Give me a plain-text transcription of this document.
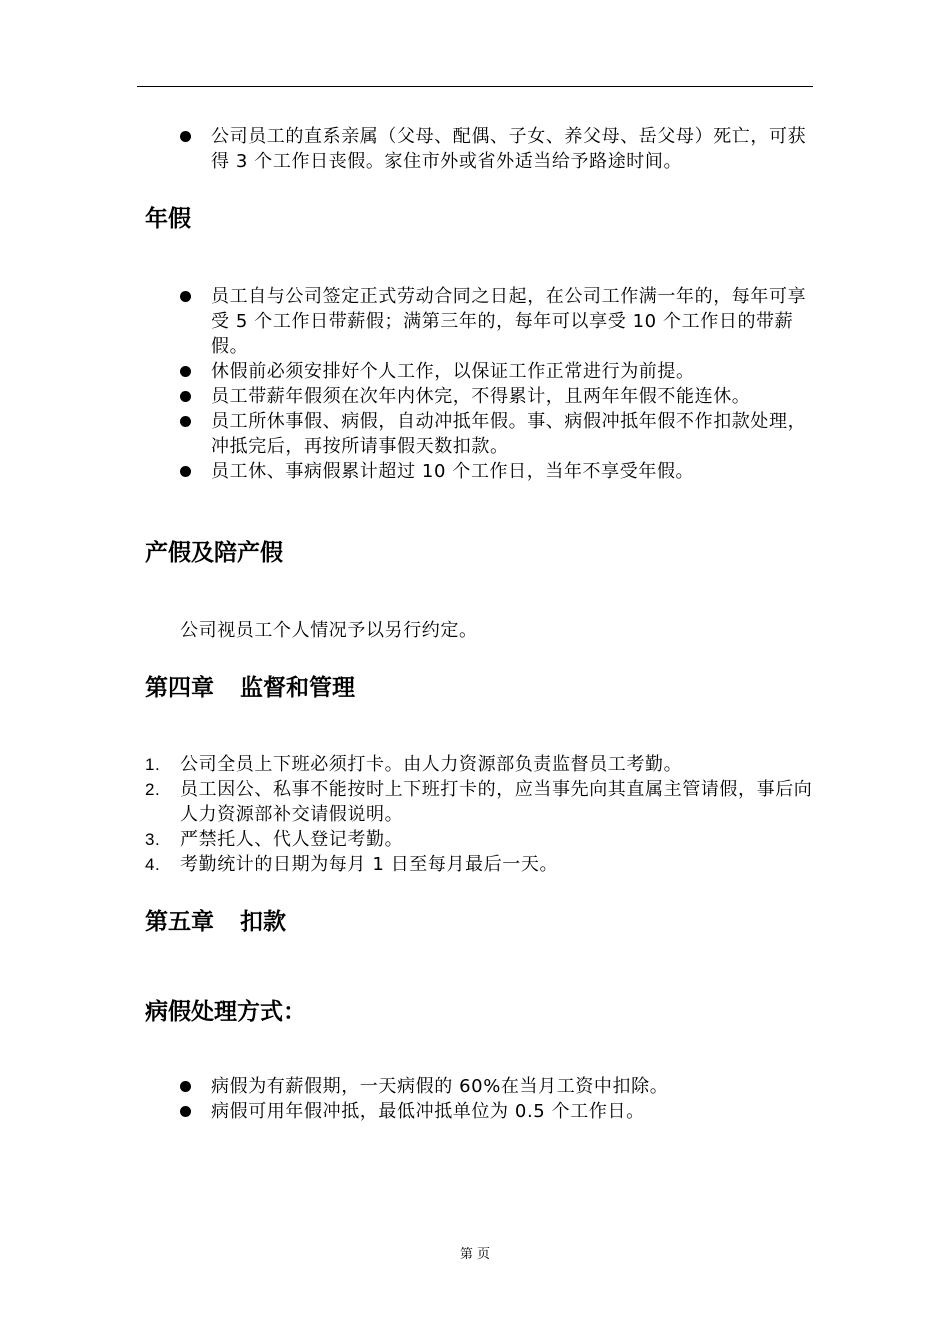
公司员工的直系亲属（父母、配偶、子女、养父母、岳父母）死亡，可获得 3 个工作日丧假。家住市外或省外适当给予路途时间。
年假
员工自与公司签定正式劳动合同之日起，在公司工作满一年的，每年可享受 5 个工作日带薪假；满第三年的，每年可以享受 10 个工作日的带薪假。
休假前必须安排好个人工作，以保证工作正常进行为前提。
员工带薪年假须在次年内休完，不得累计，且两年年假不能连休。
员工所休事假、病假，自动冲抵年假。事、病假冲抵年假不作扣款处理，冲抵完后，再按所请事假天数扣款。
员工休、事病假累计超过 10 个工作日，当年不享受年假。
产假及陪产假

公司视员工个人情况予以另行约定。

第四章 监督和管理
1. 公司全员上下班必须打卡。由人力资源部负责监督员工考勤。
2. 员工因公、私事不能按时上下班打卡的，应当事先向其直属主管请假，事后向人力资源部补交请假说明。
3. 严禁托人、代人登记考勤。
4. 考勤统计的日期为每月 1 日至每月最后一天。
第五章 扣款
病假处理方式：
病假为有薪假期，一天病假的 60%在当月工资中扣除。
病假可用年假冲抵，最低冲抵单位为 0.5 个工作日。
第 页
